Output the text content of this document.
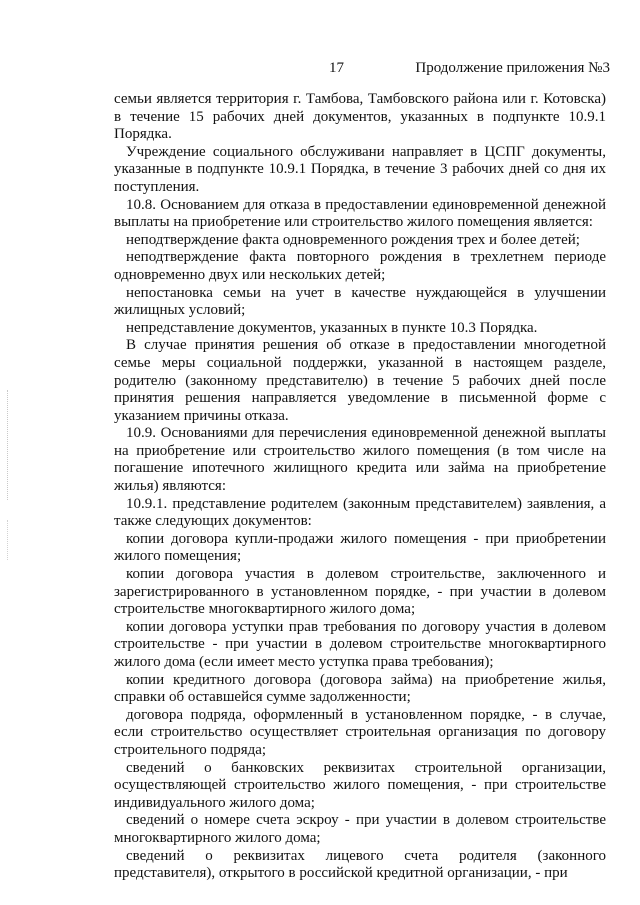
17	Продолжение приложения №3

семьи является территория г. Тамбова, Тамбовского района или г. Котовска) в течение 15 рабочих дней документов, указанных в подпункте 10.9.1 Порядка.

Учреждение социального обслуживани направляет в ЦСПГ документы, указанные в подпункте 10.9.1 Порядка, в течение 3 рабочих дней со дня их поступления.

10.8. Основанием для отказа в предоставлении единовременной денежной выплаты на приобретение или строительство жилого помещения является:

неподтверждение факта одновременного рождения трех и более детей;

неподтверждение факта повторного рождения в трехлетнем периоде одновременно двух или нескольких детей;

непостановка семьи на учет в качестве нуждающейся в улучшении жилищных условий;

непредставление документов, указанных в пункте 10.3 Порядка.

В случае принятия решения об отказе в предоставлении многодетной семье меры социальной поддержки, указанной в настоящем разделе, родителю (законному представителю) в течение 5 рабочих дней после принятия решения направляется уведомление в письменной форме с указанием причины отказа.

10.9. Основаниями для перечисления единовременной денежной выплаты на приобретение или строительство жилого помещения (в том числе на погашение ипотечного жилищного кредита или займа на приобретение жилья) являются:

10.9.1. представление родителем (законным представителем) заявления, а также следующих документов:

копии договора купли-продажи жилого помещения - при приобретении жилого помещения;

копии договора участия в долевом строительстве, заключенного и зарегистрированного в установленном порядке, - при участии в долевом строительстве многоквартирного жилого дома;

копии договора уступки прав требования по договору участия в долевом строительстве - при участии в долевом строительстве многоквартирного жилого дома (если имеет место уступка права требования);

копии кредитного договора (договора займа) на приобретение жилья, справки об оставшейся сумме задолженности;

договора подряда, оформленный в установленном порядке, - в случае, если строительство осуществляет строительная организация по договору строительного подряда;

сведений о банковских реквизитах строительной организации, осуществляющей строительство жилого помещения, - при строительстве индивидуального жилого дома;

сведений о номере счета эскроу - при участии в долевом строительстве многоквартирного жилого дома;

сведений о реквизитах лицевого счета родителя (законного представителя), открытого в российской кредитной организации, - при
